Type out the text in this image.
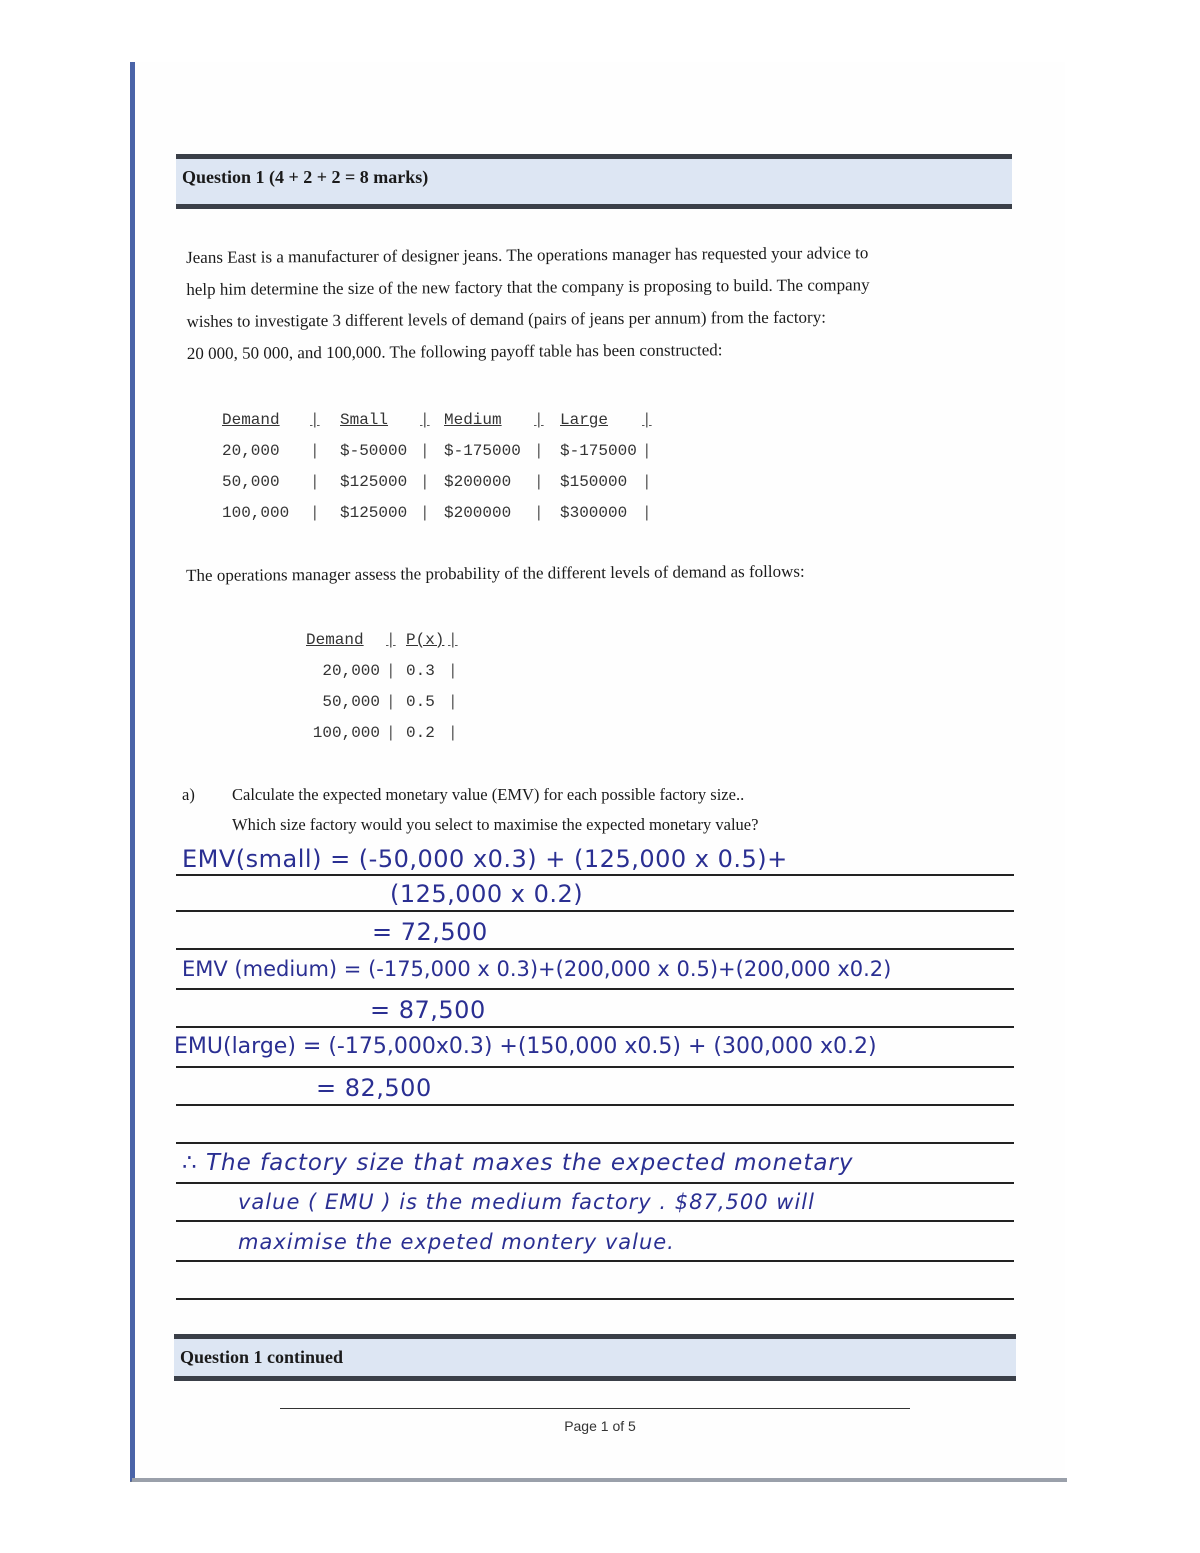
Question 1 (4 + 2 + 2 = 8 marks)

Jeans East is a manufacturer of designer jeans. The operations manager has requested your advice to

help him determine the size of the new factory that the company is proposing to build. The company

wishes to investigate 3 different levels of demand (pairs of jeans per annum) from the factory:

20 000, 50 000, and 100,000. The following payoff table has been constructed:

Demand	|	Small	|	Medium	|	Large	|
20,000	|	$-50000	|	$-175000	|	$-175000	|
50,000	|	$125000	|	$200000	|	$150000	|
100,000	|	$125000	|	$200000	|	$300000	|

The operations manager assess the probability of the different levels of demand as follows:

Demand	|	P(x)	|
20,000	|	0.3	|
50,000	|	0.5	|
100,000	|	0.2	|
a) Calculate the expected monetary value (EMV) for each possible factory size..
Which size factory would you select to maximise the expected monetary value?
EMV(small) = (-50,000 x0.3) + (125,000 x 0.5)+
(125,000 x 0.2)
= 72,500
EMV (medium) = (-175,000 x 0.3)+(200,000 x 0.5)+(200,000 x0.2)
= 87,500
EMU(large) = (-175,000x0.3) +(150,000 x0.5) + (300,000 x0.2)
= 82,500
∴ The factory size that maxes the expected monetary
value ( EMU ) is the medium factory . $87,500 will
maximise the expeted montery value.
Question 1 continued
Page 1 of 5
